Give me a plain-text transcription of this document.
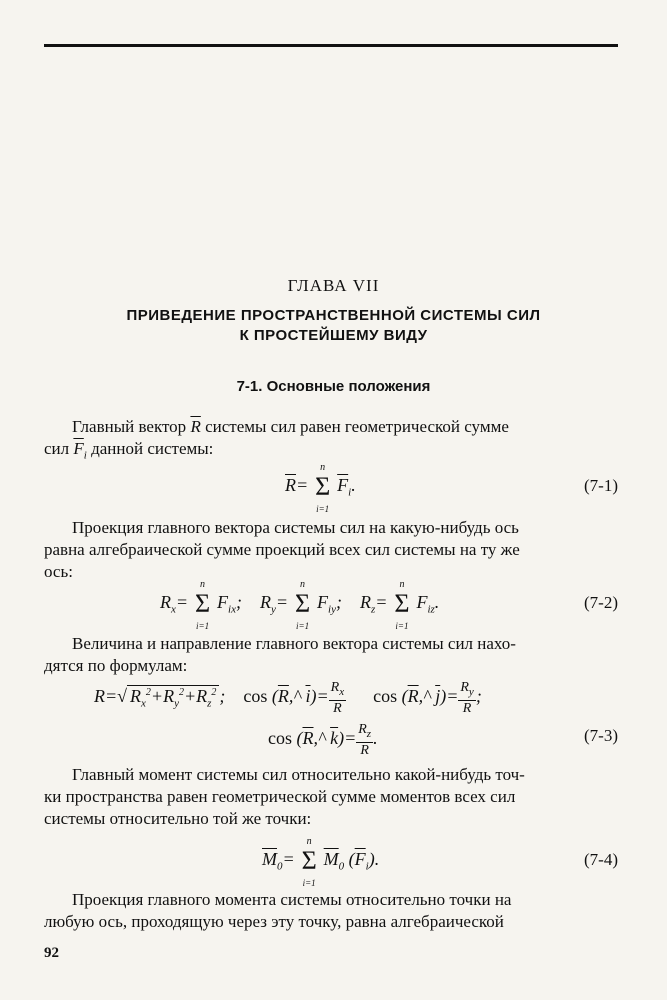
ГЛАВА VII
ПРИВЕДЕНИЕ ПРОСТРАНСТВЕННОЙ СИСТЕМЫ СИЛ
К ПРОСТЕЙШЕМУ ВИДУ
7-1. Основные положения
Главный вектор $\overline{R}$ системы сил равен геометрической сумме
сил $\overline{F}_i$ данной системы:
$\overline{R}= \Sigma$
n
i=1
$\overline{F}_i$.	(7-1)
Проекция главного вектора системы сил на какую-нибудь ось
равна алгебраической сумме проекций всех сил системы на ту же
ось:
$R_x= \Sigma$
n
i=1
$F_{ix}$;    $R_y= \Sigma$
n
i=1
$F_{iy}$;    $R_z= \Sigma$
n
i=1
$F_{iz}$.	(7-2)
Величина и направление главного вектора системы сил нахо-
дятся по формулам:
R=√ $R_x^2+R_y^2+R_z^2$ ;    $\cos (\overline{R},\^{}$ $\overline{i})= \frac{R_x}{R}$ $\cos (\overline{R},\^{}$ $\overline{j})= \frac{R_y}{R}$ ;
$\cos (\overline{R},\^{}$ $\overline{k})= \frac{R_z}{R}$ .	(7-3)
Главный момент системы сил относительно какой-нибудь точ-
ки пространства равен геометрической сумме моментов всех сил
системы относительно той же точки:
$\overline{M}_0= \Sigma$
n
i=1
$\overline{M}_0$ $(\overline{F}_i)$.	(7-4)
Проекция главного момента системы относительно точки на
любую ось, проходящую через эту точку, равна алгебраической
92
